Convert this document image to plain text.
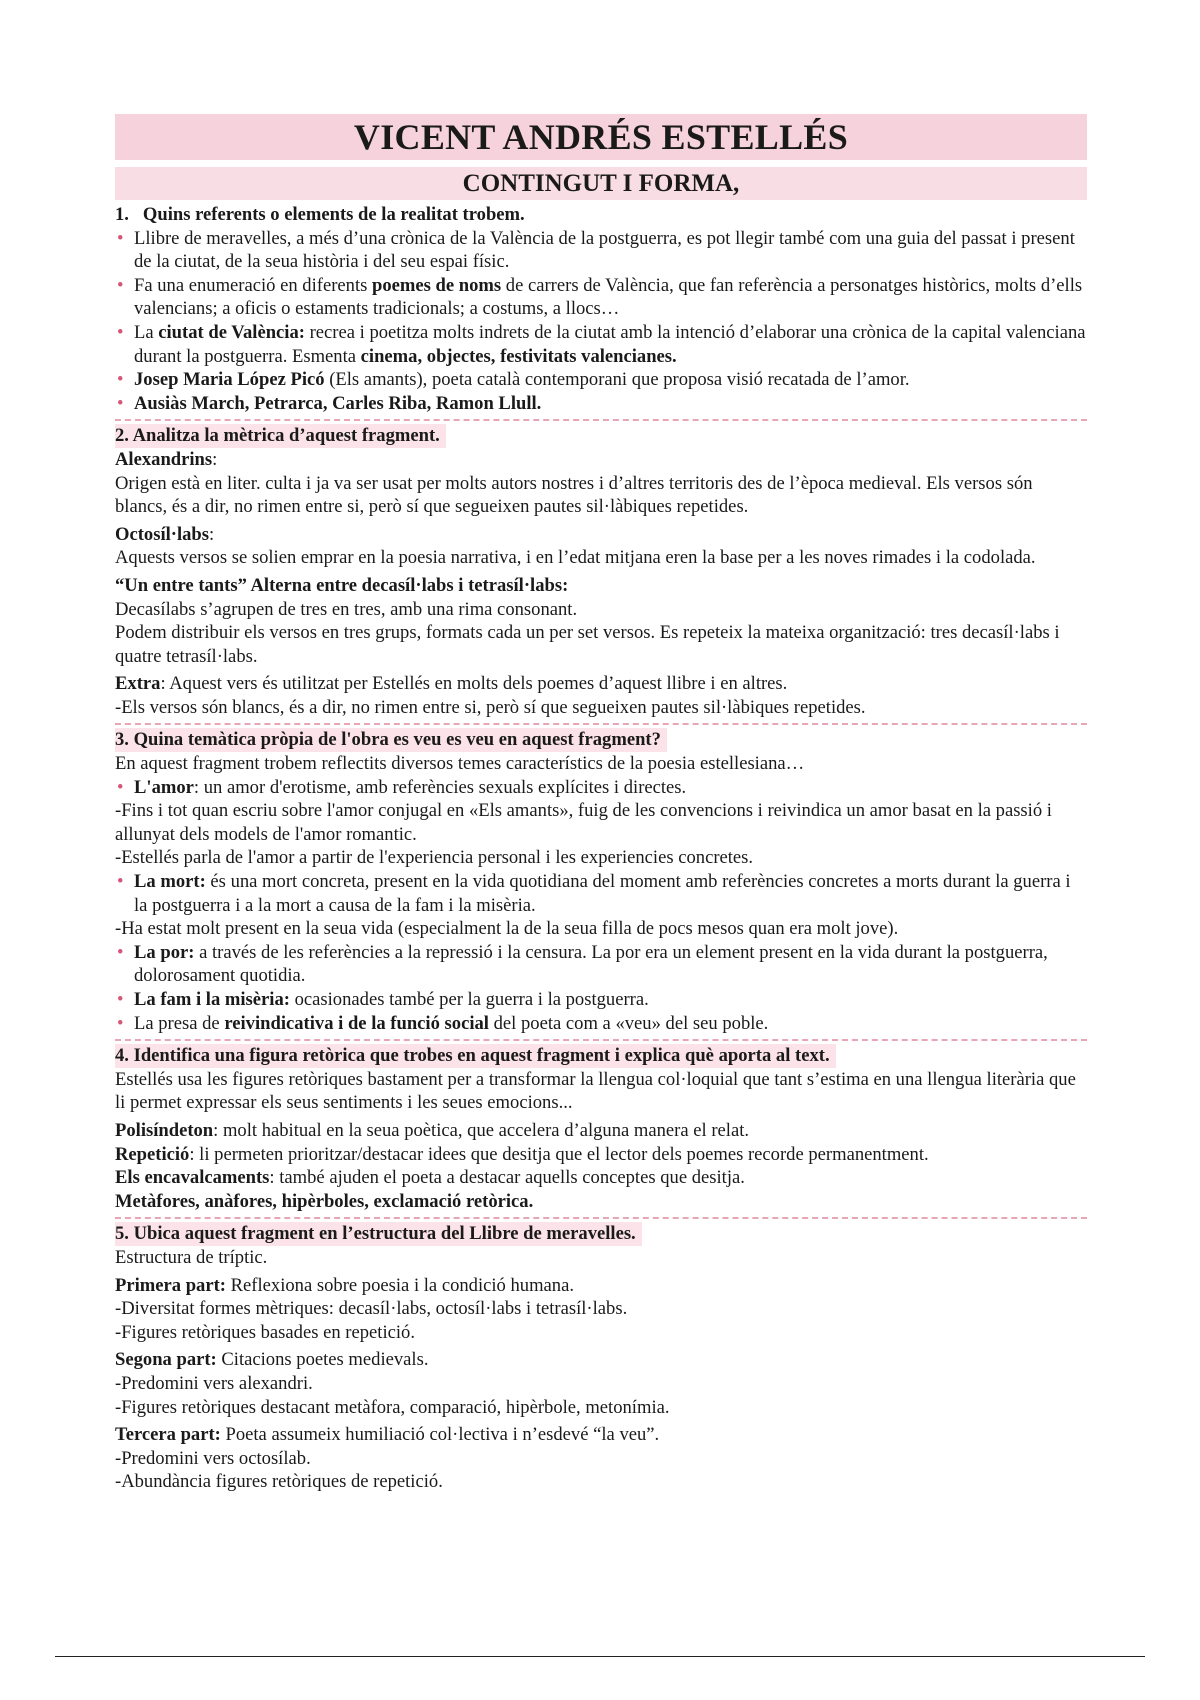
VICENT ANDRÉS ESTELLÉS
CONTINGUT I FORMA,
1.   Quins referents o elements de la realitat trobem.
• Llibre de meravelles, a més d’una crònica de la València de la postguerra, es pot llegir també com una guia del passat i present de la ciutat, de la seua història i del seu espai físic.
• Fa una enumeració en diferents poemes de noms de carrers de València, que fan referència a personatges històrics, molts d’ells valencians; a oficis o estaments tradicionals; a costums, a llocs…
• La ciutat de València: recrea i poetitza molts indrets de la ciutat amb la intenció d’elaborar una crònica de la capital valenciana durant la postguerra. Esmenta cinema, objectes, festivitats valencianes.
• Josep Maria López Picó (Els amants), poeta català contemporani que proposa visió recatada de l’amor.
• Ausiàs March, Petrarca, Carles Riba, Ramon Llull.
2. Analitza la mètrica d’aquest fragment.

Alexandrins:

Origen està en liter. culta i ja va ser usat per molts autors nostres i d’altres territoris des de l’època medieval. Els versos són blancs, és a dir, no rimen entre si, però sí que segueixen pautes sil·làbiques repetides.

Octosíl·labs:

Aquests versos se solien emprar en la poesia narrativa, i en l’edat mitjana eren la base per a les noves rimades i la codolada.

“Un entre tants” Alterna entre decasíl·labs i tetrasíl·labs:

Decasílabs s’agrupen de tres en tres, amb una rima consonant.

Podem distribuir els versos en tres grups, formats cada un per set versos. Es repeteix la mateixa organització: tres decasíl·labs i quatre tetrasíl·labs.

Extra: Aquest vers és utilitzat per Estellés en molts dels poemes d’aquest llibre i en altres.

-Els versos són blancs, és a dir, no rimen entre si, però sí que segueixen pautes sil·làbiques repetides.

3. Quina temàtica pròpia de l'obra es veu es veu en aquest fragment?

En aquest fragment trobem reflectits diversos temes característics de la poesia estellesiana…

• L'amor: un amor d'erotisme, amb referències sexuals explícites i directes.

-Fins i tot quan escriu sobre l'amor conjugal en «Els amants», fuig de les convencions i reivindica un amor basat en la passió i allunyat dels models de l'amor romantic.

-Estellés parla de l'amor a partir de l'experiencia personal i les experiencies concretes.

• La mort: és una mort concreta, present en la vida quotidiana del moment amb referències concretes a morts durant la guerra i la postguerra i a la mort a causa de la fam i la misèria.

-Ha estat molt present en la seua vida (especialment la de la seua filla de pocs mesos quan era molt jove).

• La por: a través de les referències a la repressió i la censura. La por era un element present en la vida durant la postguerra, dolorosament quotidia.
• La fam i la misèria: ocasionades també per la guerra i la postguerra.
• La presa de reivindicativa i de la funció social del poeta com a «veu» del seu poble.
4. Identifica una figura retòrica que trobes en aquest fragment i explica què aporta al text.

Estellés usa les figures retòriques bastament per a transformar la llengua col·loquial que tant s’estima en una llengua literària que li permet expressar els seus sentiments i les seues emocions...

Polisíndeton: molt habitual en la seua poètica, que accelera d’alguna manera el relat.

Repetició: li permeten prioritzar/destacar idees que desitja que el lector dels poemes recorde permanentment.

Els encavalcaments: també ajuden el poeta a destacar aquells conceptes que desitja.

Metàfores, anàfores, hipèrboles, exclamació retòrica.

5. Ubica aquest fragment en l’estructura del Llibre de meravelles.

Estructura de tríptic.

Primera part: Reflexiona sobre poesia i la condició humana.

-Diversitat formes mètriques: decasíl·labs, octosíl·labs i tetrasíl·labs.

-Figures retòriques basades en repetició.

Segona part: Citacions poetes medievals.

-Predomini vers alexandri.

-Figures retòriques destacant metàfora, comparació, hipèrbole, metonímia.

Tercera part: Poeta assumeix humiliació col·lectiva i n’esdevé “la veu”.

-Predomini vers octosílab.

-Abundància figures retòriques de repetició.
